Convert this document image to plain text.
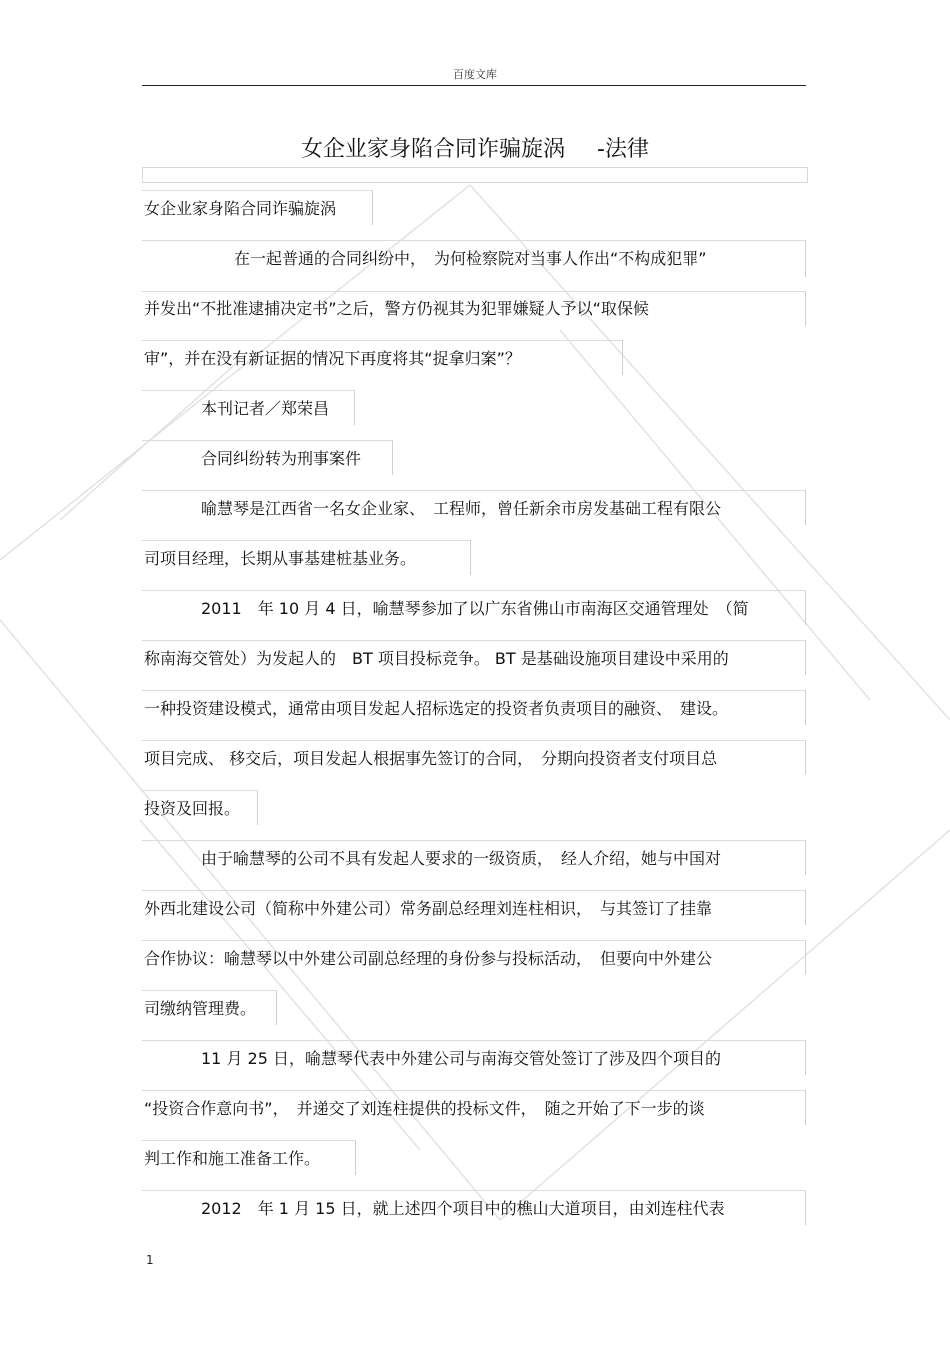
百度文库
女企业家身陷合同诈骗旋涡 -法律
女企业家身陷合同诈骗旋涡
在一起普通的合同纠纷中，　为何检察院对当事人作出“不构成犯罪”
并发出“不批准逮捕决定书”之后，警方仍视其为犯罪嫌疑人予以“取保候
审”，并在没有新证据的情况下再度将其“捉拿归案”？
本刊记者／郑荣昌
合同纠纷转为刑事案件
喻慧琴是江西省一名女企业家、　工程师，曾任新余市房发基础工程有限公
司项目经理，长期从事基建桩基业务。
2011　年 10 月 4 日，喻慧琴参加了以广东省佛山市南海区交通管理处　（简
称南海交管处）为发起人的　BT 项目投标竞争。 BT 是基础设施项目建设中采用的
一种投资建设模式，通常由项目发起人招标选定的投资者负责项目的融资、　建设。
项目完成、 移交后，项目发起人根据事先签订的合同，　分期向投资者支付项目总
投资及回报。
由于喻慧琴的公司不具有发起人要求的一级资质，　经人介绍，她与中国对
外西北建设公司（简称中外建公司）常务副总经理刘连柱相识，　与其签订了挂靠
合作协议：喻慧琴以中外建公司副总经理的身份参与投标活动，　但要向中外建公
司缴纳管理费。
11 月 25 日，喻慧琴代表中外建公司与南海交管处签订了涉及四个项目的
“投资合作意向书”，　并递交了刘连柱提供的投标文件，　随之开始了下一步的谈
判工作和施工准备工作。
2012　年 1 月 15 日，就上述四个项目中的樵山大道项目，由刘连柱代表
1
